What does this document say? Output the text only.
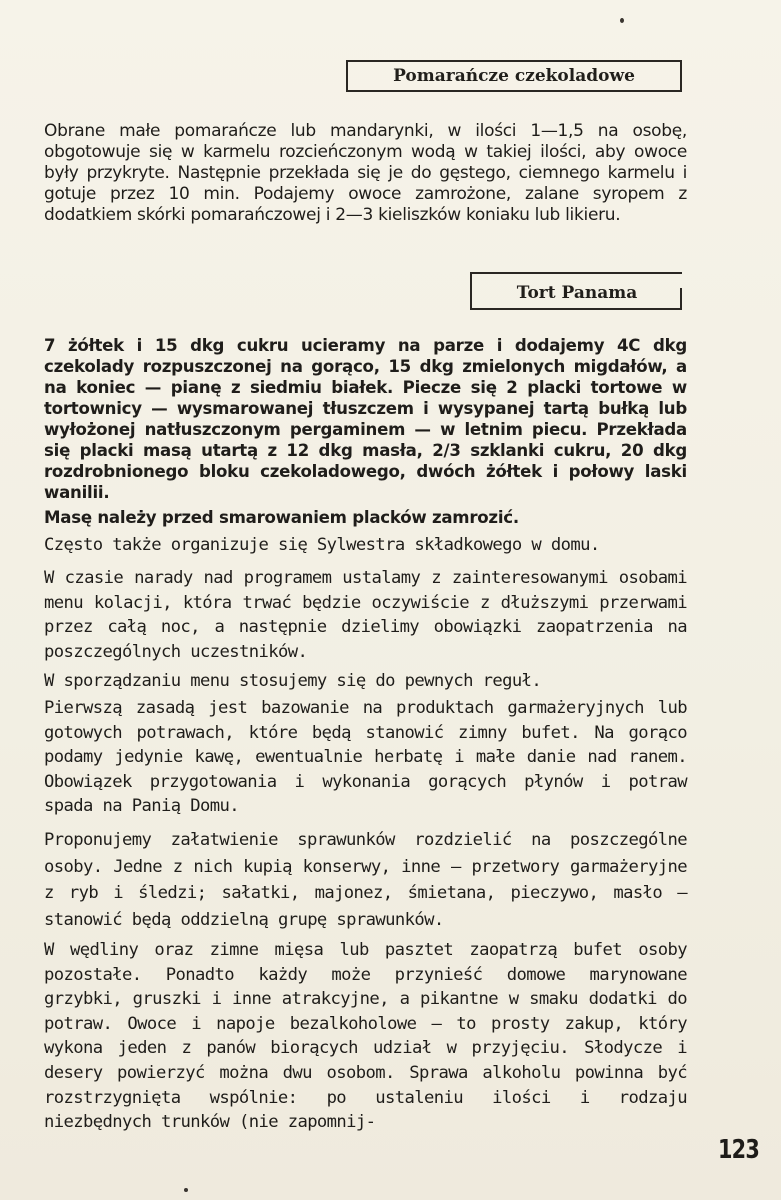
Pomarańcze czekoladowe

Obrane małe pomarańcze lub mandarynki, w ilości 1—1,5 na osobę, obgotowuje się w karmelu rozcieńczonym wodą w takiej ilości, aby owoce były przykryte. Następnie przekłada się je do gęstego, ciemnego karmelu i gotuje przez 10 min. Podajemy owoce zamrożone, zalane syropem z dodatkiem skórki pomarańczowej i 2—3 kieliszków koniaku lub likieru.

Tort Panama

7 żółtek i 15 dkg cukru ucieramy na parze i dodajemy 4C dkg czekolady rozpuszczonej na gorąco, 15 dkg zmielonych migdałów, a na koniec — pianę z siedmiu białek. Piecze się 2 placki tortowe w tortownicy — wysmarowanej tłuszczem i wysypanej tartą bułką lub wyłożonej natłuszczonym pergaminem — w letnim piecu. Przekłada się placki masą utartą z 12 dkg masła, 2/3 szklanki cukru, 20 dkg rozdrobnionego bloku czekoladowego, dwóch żółtek i połowy laski wanilii.

Masę należy przed smarowaniem placków zamrozić.

Często także organizuje się Sylwestra składkowego w domu.

W czasie narady nad programem ustalamy z zainteresowanymi osobami menu kolacji, która trwać będzie oczywiście z dłuższymi przerwami przez całą noc, a następnie dzielimy obowiązki zaopatrzenia na poszczególnych uczestników.

W sporządzaniu menu stosujemy się do pewnych reguł.

Pierwszą zasadą jest bazowanie na produktach garmażeryjnych lub gotowych potrawach, które będą stanowić zimny bufet. Na gorąco podamy jedynie kawę, ewentualnie herbatę i małe danie nad ranem. Obowiązek przygotowania i wykonania gorących płynów i potraw spada na Panią Domu.

Proponujemy załatwienie sprawunków rozdzielić na poszczególne osoby. Jedne z nich kupią konserwy, inne — przetwory garmażeryjne z ryb i śledzi; sałatki, majonez, śmietana, pieczywo, masło — stanowić będą oddzielną grupę sprawunków.

W wędliny oraz zimne mięsa lub pasztet zaopatrzą bufet osoby pozostałe. Ponadto każdy może przynieść domowe marynowane grzybki, gruszki i inne atrakcyjne, a pikantne w smaku dodatki do potraw. Owoce i napoje bezalkoholowe — to prosty zakup, który wykona jeden z panów biorących udział w przyjęciu. Słodycze i desery powierzyć można dwu osobom. Sprawa alkoholu powinna być rozstrzygnięta wspólnie: po ustaleniu ilości i rodzaju niezbędnych trunków (nie zapomnij-

123
